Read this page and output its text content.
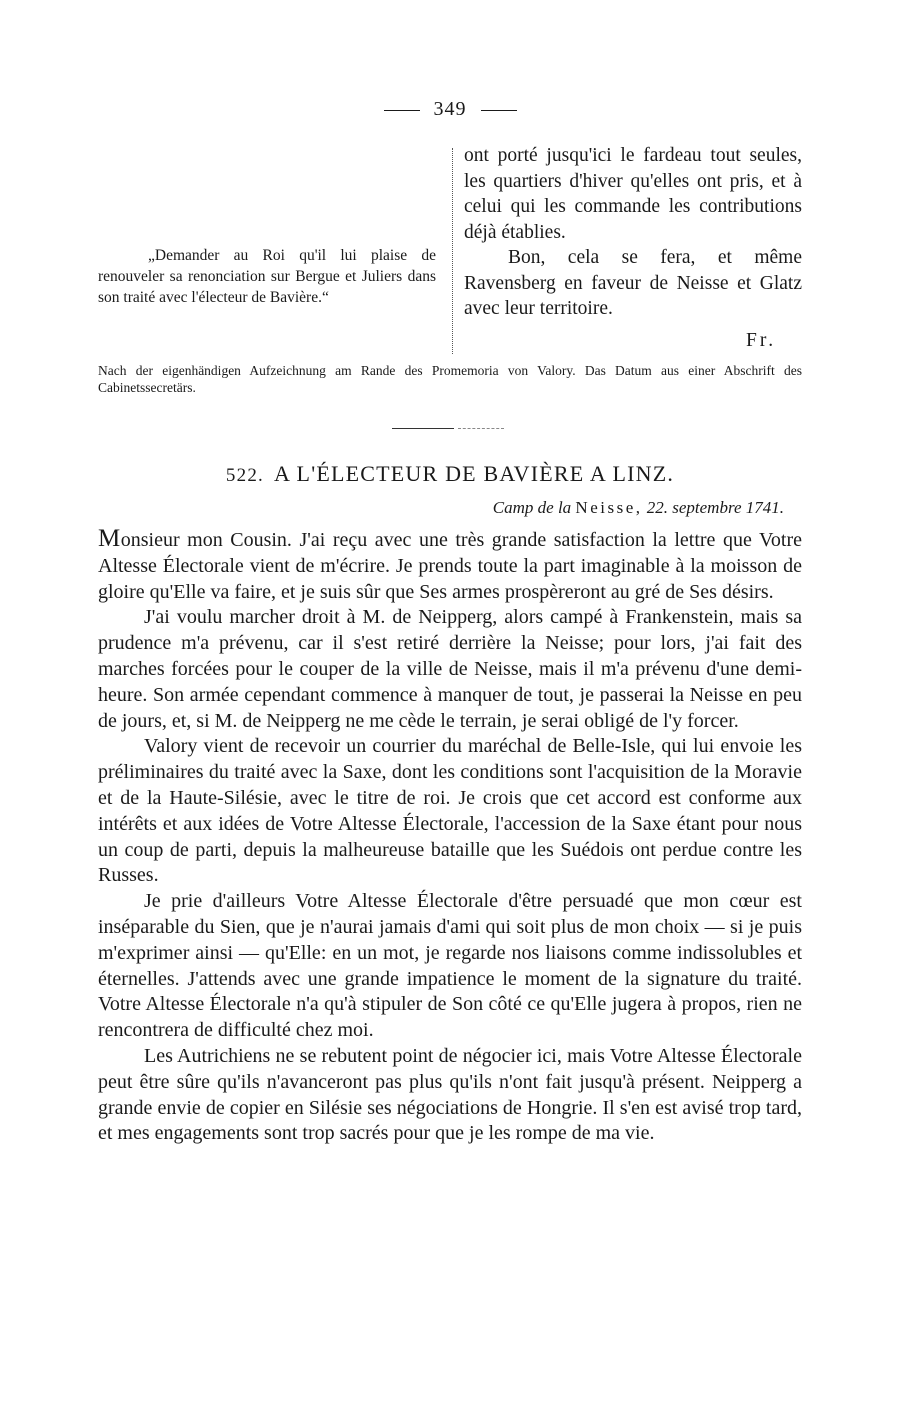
349

„Demander au Roi qu'il lui plaise de renouveler sa renonciation sur Bergue et Juliers dans son traité avec l'électeur de Bavière.“

ont porté jusqu'ici le fardeau tout seules, les quartiers d'hiver qu'elles ont pris, et à celui qui les commande les contributions déjà établies.

Bon, cela se fera, et même Ravensberg en faveur de Neisse et Glatz avec leur territoire.

Fr.
Nach der eigenhändigen Aufzeichnung am Rande des Promemoria von Valory. Das Datum aus einer Abschrift des Cabinetssecretärs.
522. A L'ÉLECTEUR DE BAVIÈRE A LINZ.
Camp de la Neisse, 22. septembre 1741.

Monsieur mon Cousin. J'ai reçu avec une très grande satisfaction la lettre que Votre Altesse Électorale vient de m'écrire. Je prends toute la part imaginable à la moisson de gloire qu'Elle va faire, et je suis sûr que Ses armes prospèreront au gré de Ses désirs.

J'ai voulu marcher droit à M. de Neipperg, alors campé à Frankenstein, mais sa prudence m'a prévenu, car il s'est retiré derrière la Neisse; pour lors, j'ai fait des marches forcées pour le couper de la ville de Neisse, mais il m'a prévenu d'une demi-heure. Son armée cependant commence à manquer de tout, je passerai la Neisse en peu de jours, et, si M. de Neipperg ne me cède le terrain, je serai obligé de l'y forcer.

Valory vient de recevoir un courrier du maréchal de Belle-Isle, qui lui envoie les préliminaires du traité avec la Saxe, dont les conditions sont l'acquisition de la Moravie et de la Haute-Silésie, avec le titre de roi. Je crois que cet accord est conforme aux intérêts et aux idées de Votre Altesse Électorale, l'accession de la Saxe étant pour nous un coup de parti, depuis la malheureuse bataille que les Suédois ont perdue contre les Russes.

Je prie d'ailleurs Votre Altesse Électorale d'être persuadé que mon cœur est inséparable du Sien, que je n'aurai jamais d'ami qui soit plus de mon choix — si je puis m'exprimer ainsi — qu'Elle: en un mot, je regarde nos liaisons comme indissolubles et éternelles. J'attends avec une grande impatience le moment de la signature du traité. Votre Altesse Électorale n'a qu'à stipuler de Son côté ce qu'Elle jugera à propos, rien ne rencontrera de difficulté chez moi.

Les Autrichiens ne se rebutent point de négocier ici, mais Votre Altesse Électorale peut être sûre qu'ils n'avanceront pas plus qu'ils n'ont fait jusqu'à présent. Neipperg a grande envie de copier en Silésie ses négociations de Hongrie. Il s'en est avisé trop tard, et mes engagements sont trop sacrés pour que je les rompe de ma vie.
